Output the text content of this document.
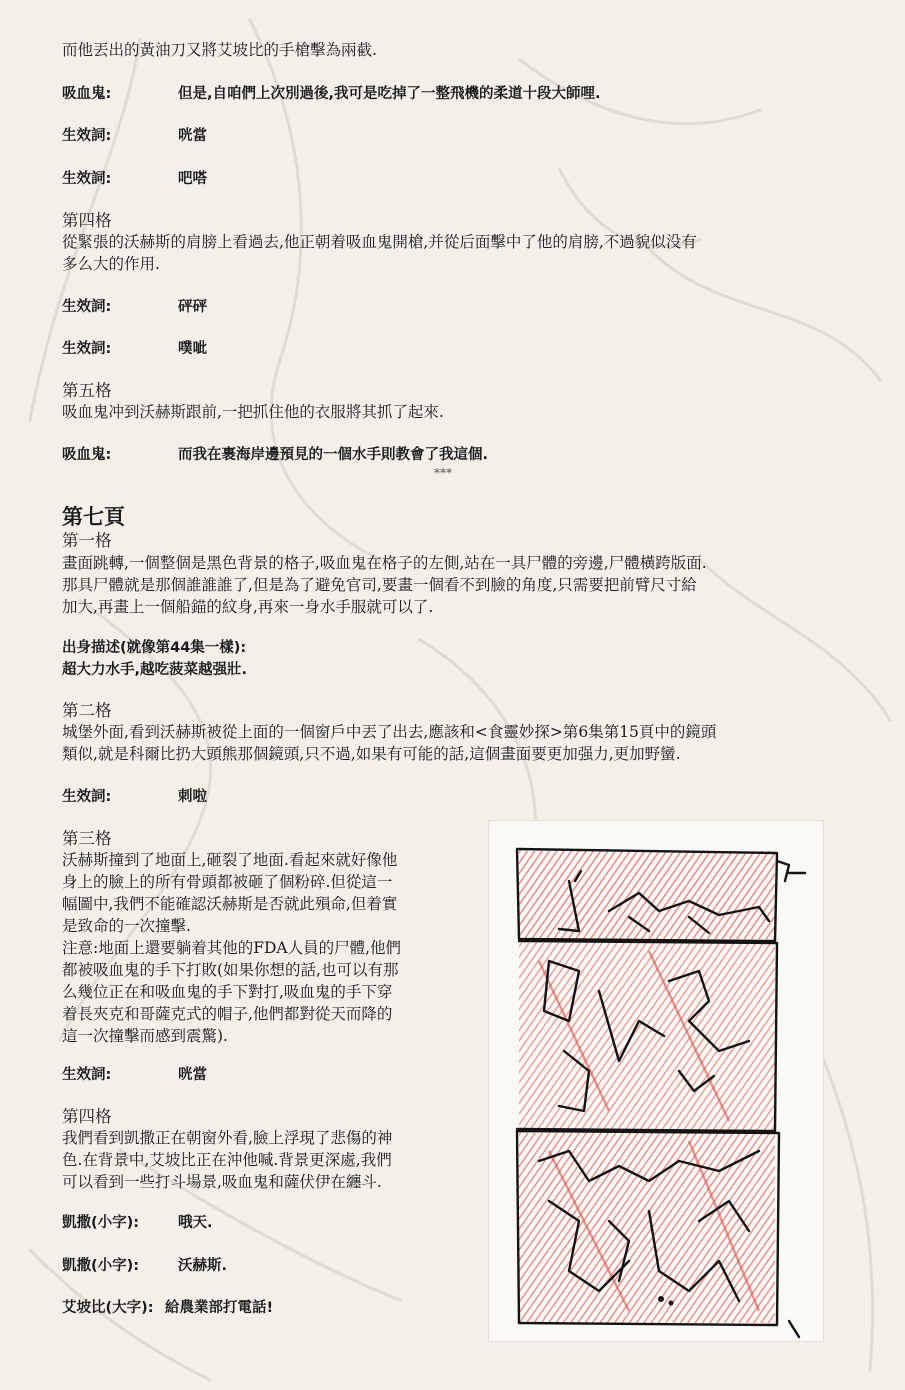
而他丟出的黃油刀又將艾坡比的手槍擊為兩截.
吸血鬼:	但是,自咱們上次別過後,我可是吃掉了一整飛機的柔道十段大師哩.
生效詞:	咣當
生效詞:	吧嗒
第四格
從緊張的沃赫斯的肩膀上看過去,他正朝着吸血鬼開槍,并從后面擊中了他的肩膀,不過貌似没有
多么大的作用.
生效詞:	砰砰
生效詞:	噗呲
第五格
吸血鬼冲到沃赫斯跟前,一把抓住他的衣服將其抓了起來.
吸血鬼:	而我在裹海岸邊預見的一個水手則教會了我這個.
***
第七頁
第一格
畫面跳轉,一個整個是黑色背景的格子,吸血鬼在格子的左側,站在一具尸體的旁邊,尸體橫跨版面.
那具尸體就是那個誰誰誰了,但是為了避免官司,要畫一個看不到臉的角度,只需要把前臂尺寸給
加大,再畫上一個船錨的紋身,再來一身水手服就可以了.
出身描述(就像第44集一樣):
超大力水手,越吃菠菜越强壯.
第二格
城堡外面,看到沃赫斯被從上面的一個窗戶中丟了出去,應該和<食靈妙探>第6集第15頁中的鏡頭
類似,就是科爾比扔大頭熊那個鏡頭,只不過,如果有可能的話,這個畫面要更加强力,更加野蠻.
生效詞:	刺啦
第三格
沃赫斯撞到了地面上,砸裂了地面.看起來就好像他
身上的臉上的所有骨頭都被砸了個粉碎.但從這一
幅圖中,我們不能確認沃赫斯是否就此殞命,但着實
是致命的一次撞擊.
注意:地面上還要躺着其他的FDA人員的尸體,他們
都被吸血鬼的手下打敗(如果你想的話,也可以有那
么幾位正在和吸血鬼的手下對打,吸血鬼的手下穿
着長夾克和哥薩克式的帽子,他們都對從天而降的
這一次撞擊而感到震驚).
生效詞:	咣當
第四格
我們看到凱撒正在朝窗外看,臉上浮現了悲傷的神
色.在背景中,艾坡比正在沖他喊.背景更深處,我們
可以看到一些打斗場景,吸血鬼和薩伏伊在纏斗.
凱撒(小字):	哦天.
凱撒(小字):	沃赫斯.
艾坡比(大字): 給農業部打電話!
